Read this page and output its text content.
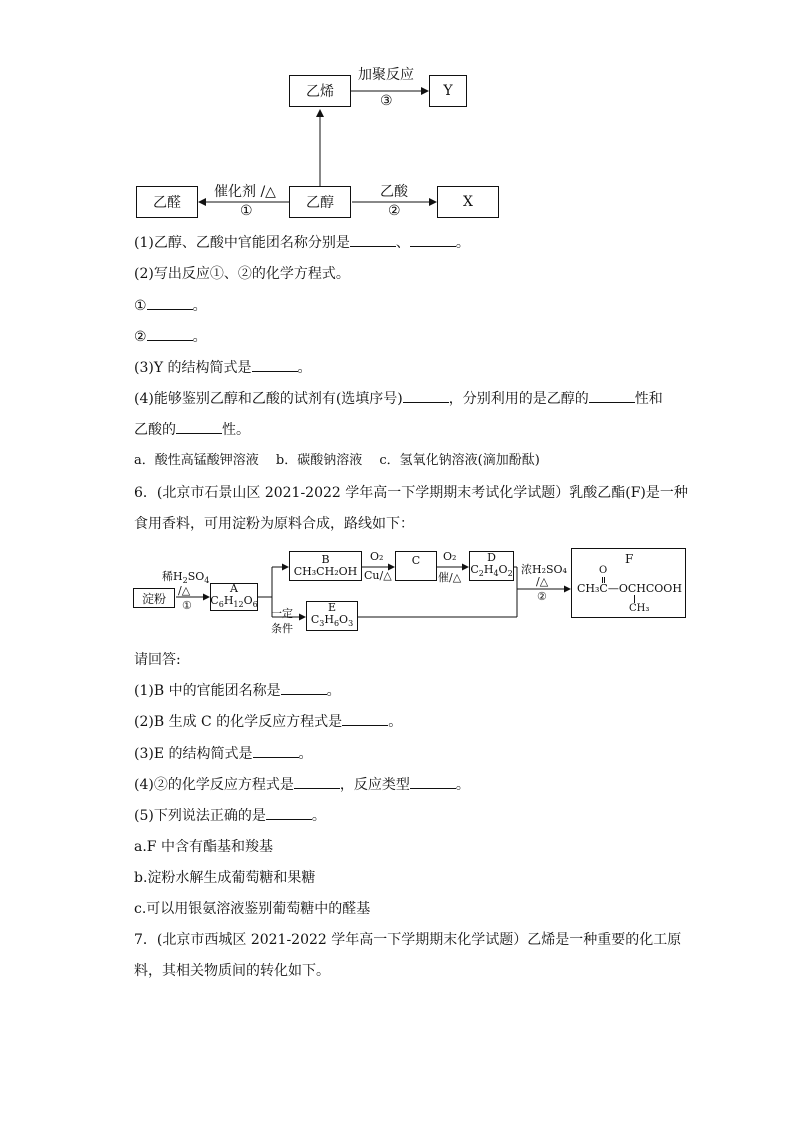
乙烯	Y
乙醛	乙醇	X
加聚反应
③
催化剂 /△
①
乙酸
②
(1)乙醇、乙酸中官能团名称分别是	、	。
(2)写出反应①、②的化学方程式。
①	。
②	。
(3)Y 的结构简式是	。
(4)能够鉴别乙醇和乙酸的试剂有(选填序号)	，分别利用的是乙醇的	性和
乙酸的	性。
a．酸性高锰酸钾溶液　 b．碳酸钠溶液　 c．氢氧化钠溶液(滴加酚酞)
6．(北京市石景山区 2021-2022 学年高一下学期期末考试化学试题）乳酸乙酯(F)是一种
食用香料，可用淀粉为原料合成，路线如下：
淀粉
稀$H_2SO_4$
/△
①
A
$C_6H_{12}O_6$
B
CH₃CH₂OH
O₂
Cu/△
C O₂
催/△
D
$C_2H_4O_2$
一定
条件
E
$C_3H_6O_3$
浓H₂SO₄
/△
②
F
O
CH₃C—OCHCOOH
CH₃
请回答:
(1)B 中的官能团名称是	。
(2)B 生成 C 的化学反应方程式是	。
(3)E 的结构简式是	。
(4)②的化学反应方程式是	，反应类型	。
(5)下列说法正确的是	。
a.F 中含有酯基和羧基
b.淀粉水解生成葡萄糖和果糖
c.可以用银氨溶液鉴别葡萄糖中的醛基
7．(北京市西城区 2021-2022 学年高一下学期期末化学试题）乙烯是一种重要的化工原
料，其相关物质间的转化如下。
